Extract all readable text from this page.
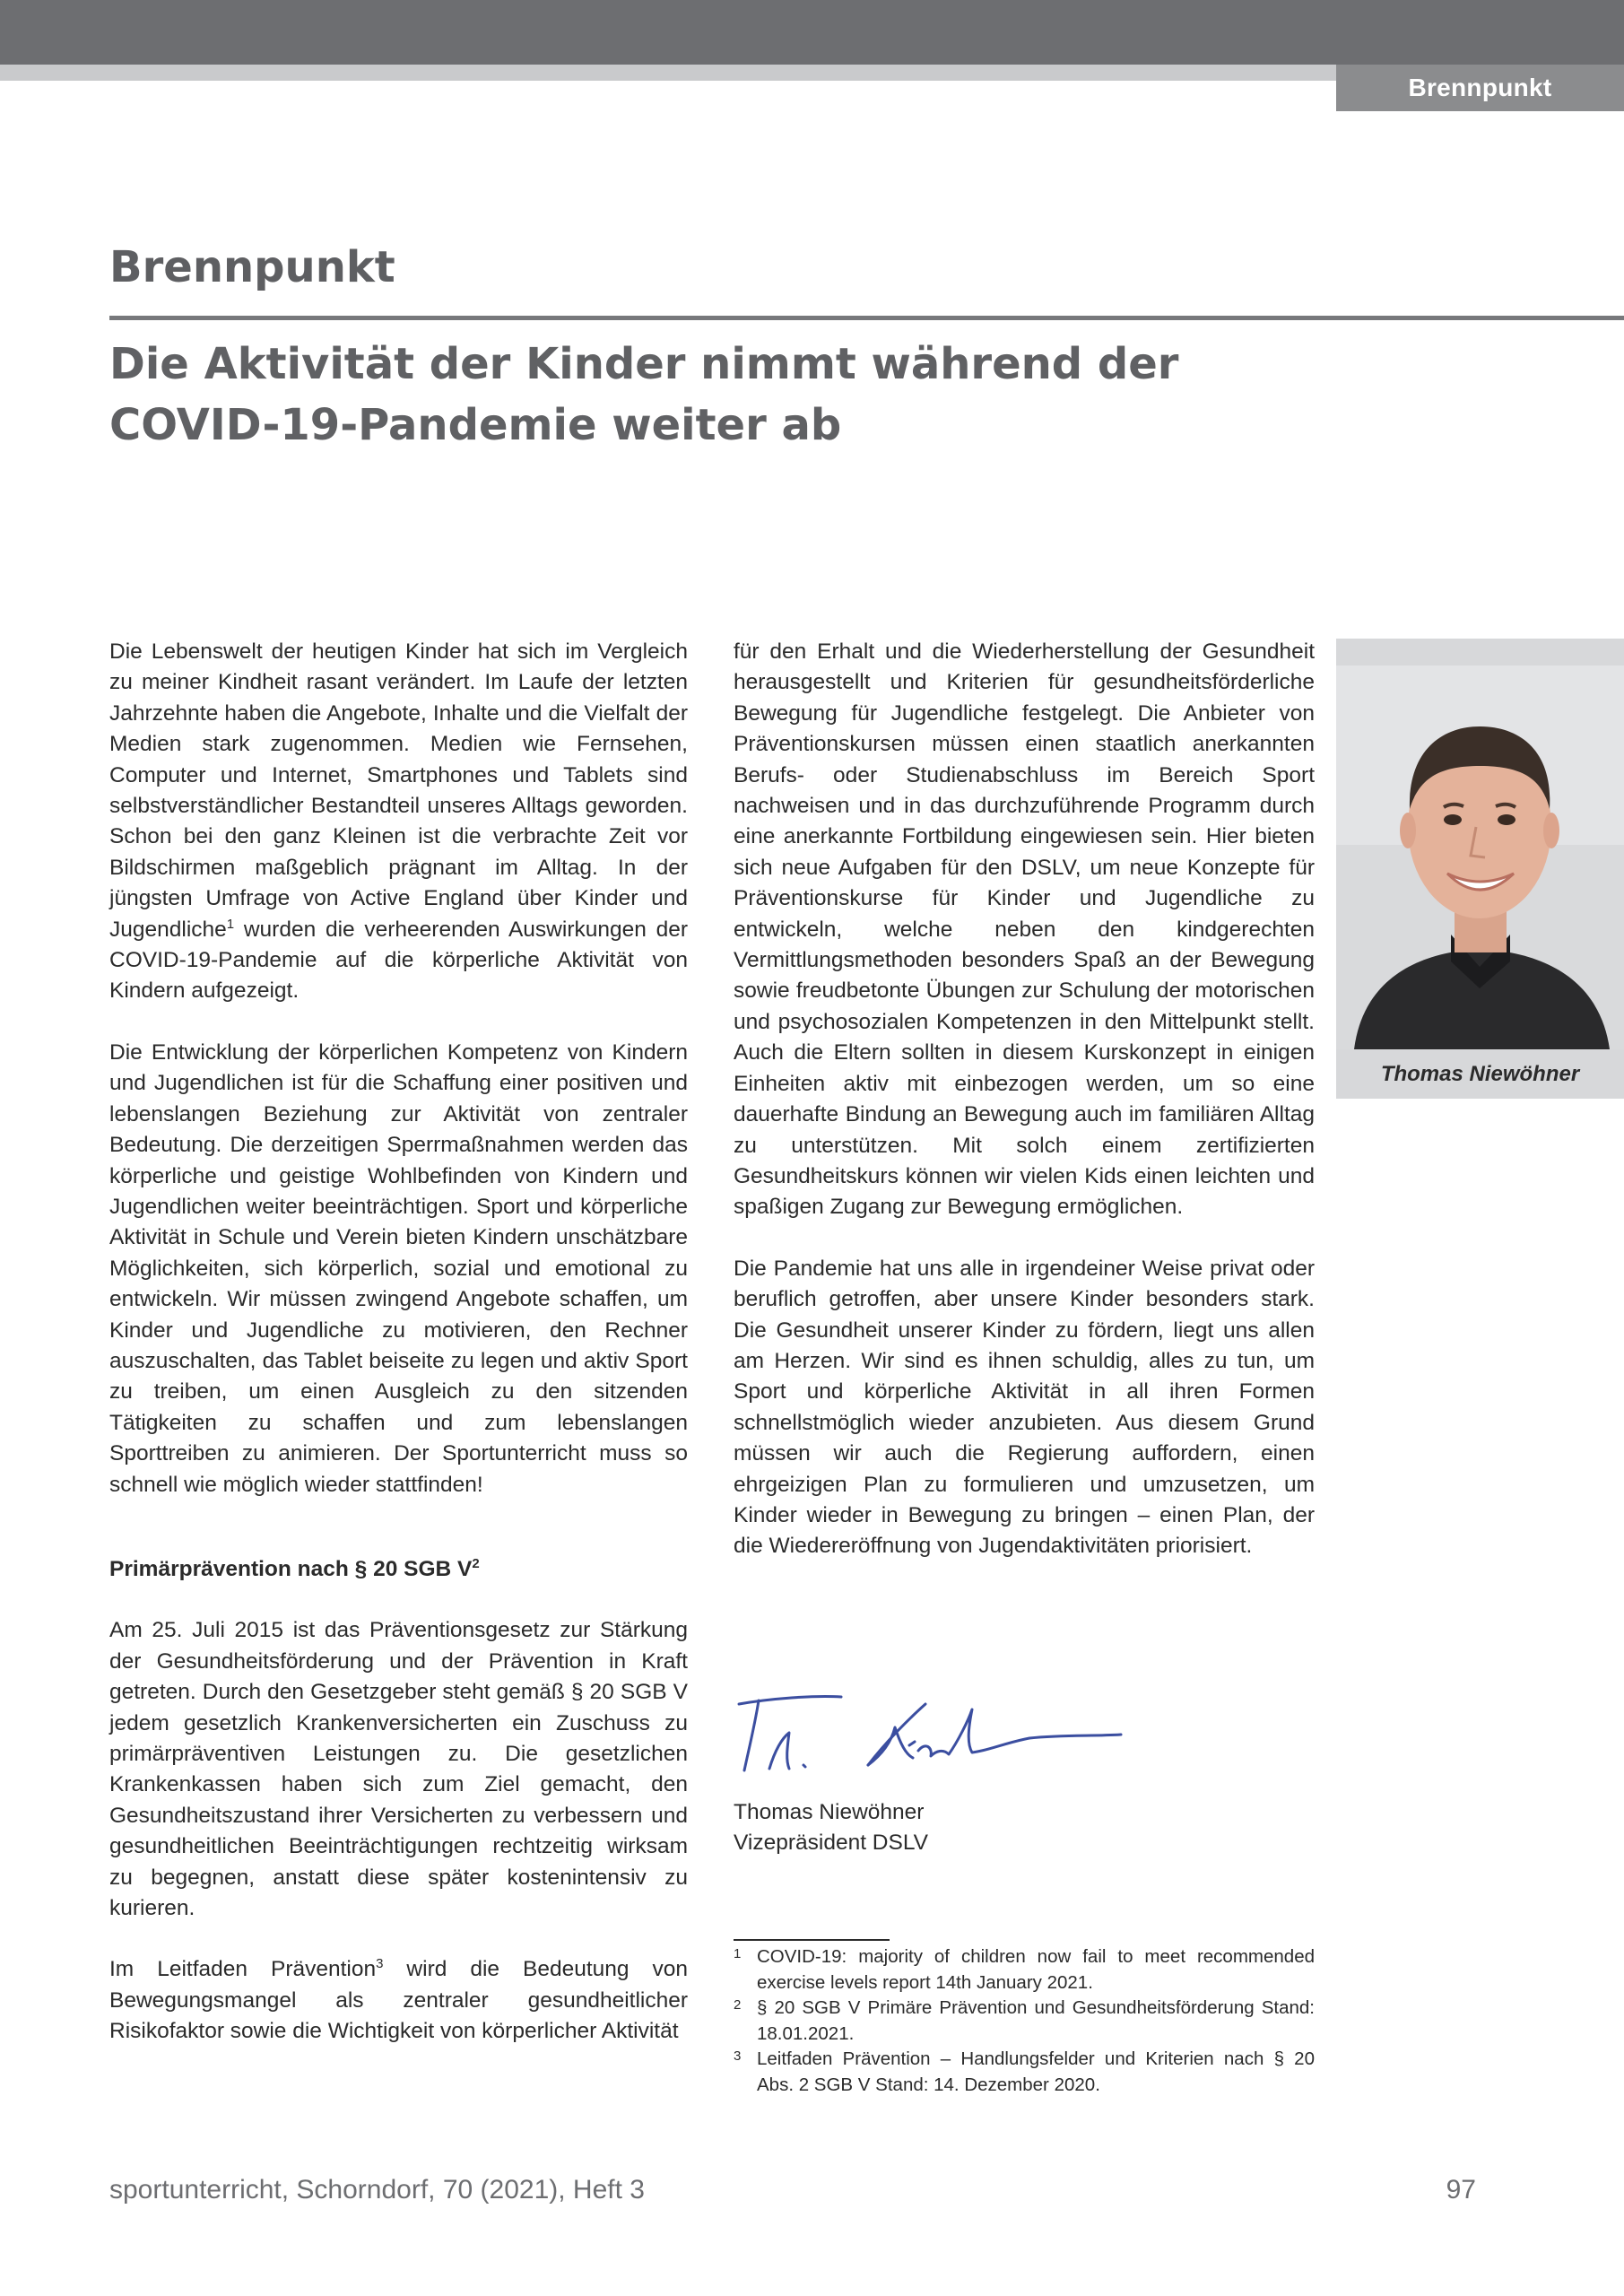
Brennpunkt
Brennpunkt
Die Aktivität der Kinder nimmt während der
COVID-19-Pandemie weiter ab

Die Lebenswelt der heutigen Kinder hat sich im Vergleich zu meiner Kindheit rasant verändert. Im Laufe der letzten Jahrzehnte haben die Angebote, Inhalte und die Vielfalt der Medien stark zugenommen. Medien wie Fernsehen, Computer und Internet, Smartphones und Tablets sind selbstverständlicher Bestandteil unseres Alltags geworden. Schon bei den ganz Kleinen ist die verbrachte Zeit vor Bildschirmen maßgeblich prägnant im Alltag. In der jüngsten Umfrage von Active England über Kinder und Jugendliche$^1$ wurden die verheerenden Auswirkungen der COVID-19-Pandemie auf die körperliche Aktivität von Kindern aufgezeigt.

Die Entwicklung der körperlichen Kompetenz von Kindern und Jugendlichen ist für die Schaffung einer positiven und lebenslangen Beziehung zur Aktivität von zentraler Bedeutung. Die derzeitigen Sperrmaßnahmen werden das körperliche und geistige Wohlbefinden von Kindern und Jugendlichen weiter beeinträchtigen. Sport und körperliche Aktivität in Schule und Verein bieten Kindern unschätzbare Möglichkeiten, sich körperlich, sozial und emotional zu entwickeln. Wir müssen zwingend Angebote schaffen, um Kinder und Jugendliche zu motivieren, den Rechner auszuschalten, das Tablet beiseite zu legen und aktiv Sport zu treiben, um einen Ausgleich zu den sitzenden Tätigkeiten zu schaffen und zum lebenslangen Sporttreiben zu animieren. Der Sportunterricht muss so schnell wie möglich wieder stattfinden!

Primärprävention nach § 20 SGB $V^2$

Am 25. Juli 2015 ist das Präventionsgesetz zur Stärkung der Gesundheitsförderung und der Prävention in Kraft getreten. Durch den Gesetzgeber steht gemäß § 20 SGB V jedem gesetzlich Krankenversicherten ein Zuschuss zu primärpräventiven Leistungen zu. Die gesetzlichen Krankenkassen haben sich zum Ziel gemacht, den Gesundheitszustand ihrer Versicherten zu verbessern und gesundheitlichen Beeinträchtigungen rechtzeitig wirksam zu begegnen, anstatt diese später kostenintensiv zu kurieren.

Im Leitfaden Prävention$^3$ wird die Bedeutung von Bewegungsmangel als zentraler gesundheitlicher Risikofaktor sowie die Wichtigkeit von körperlicher Aktivität

für den Erhalt und die Wiederherstellung der Gesundheit herausgestellt und Kriterien für gesundheitsförderliche Bewegung für Jugendliche festgelegt. Die Anbieter von Präventionskursen müssen einen staatlich anerkannten Berufs- oder Studienabschluss im Bereich Sport nachweisen und in das durchzuführende Programm durch eine anerkannte Fortbildung eingewiesen sein. Hier bieten sich neue Aufgaben für den DSLV, um neue Konzepte für Präventionskurse für Kinder und Jugendliche zu entwickeln, welche neben den kindgerechten Vermittlungsmethoden besonders Spaß an der Bewegung sowie freudbetonte Übungen zur Schulung der motorischen und psychosozialen Kompetenzen in den Mittelpunkt stellt. Auch die Eltern sollten in diesem Kurskonzept in einigen Einheiten aktiv mit einbezogen werden, um so eine dauerhafte Bindung an Bewegung auch im familiären Alltag zu unterstützen. Mit solch einem zertifizierten Gesundheitskurs können wir vielen Kids einen leichten und spaßigen Zugang zur Bewegung ermöglichen.

Die Pandemie hat uns alle in irgendeiner Weise privat oder beruflich getroffen, aber unsere Kinder besonders stark. Die Gesundheit unserer Kinder zu fördern, liegt uns allen am Herzen. Wir sind es ihnen schuldig, alles zu tun, um Sport und körperliche Aktivität in all ihren Formen schnellstmöglich wieder anzubieten. Aus diesem Grund müssen wir auch die Regierung auffordern, einen ehrgeizigen Plan zu formulieren und umzusetzen, um Kinder wieder in Bewegung zu bringen – einen Plan, der die Wiedereröffnung von Jugendaktivitäten priorisiert.

Thomas Niewöhner
Thomas Niewöhner
Vizepräsident DSLV
1 COVID-19: majority of children now fail to meet recommended exercise levels report 14th January 2021.
2 § 20 SGB V Primäre Prävention und Gesundheitsförderung Stand: 18.01.2021.
3 Leitfaden Prävention – Handlungsfelder und Kriterien nach § 20 Abs. 2 SGB V Stand: 14. Dezember 2020.
sportunterricht, Schorndorf, 70 (2021), Heft 3	97
